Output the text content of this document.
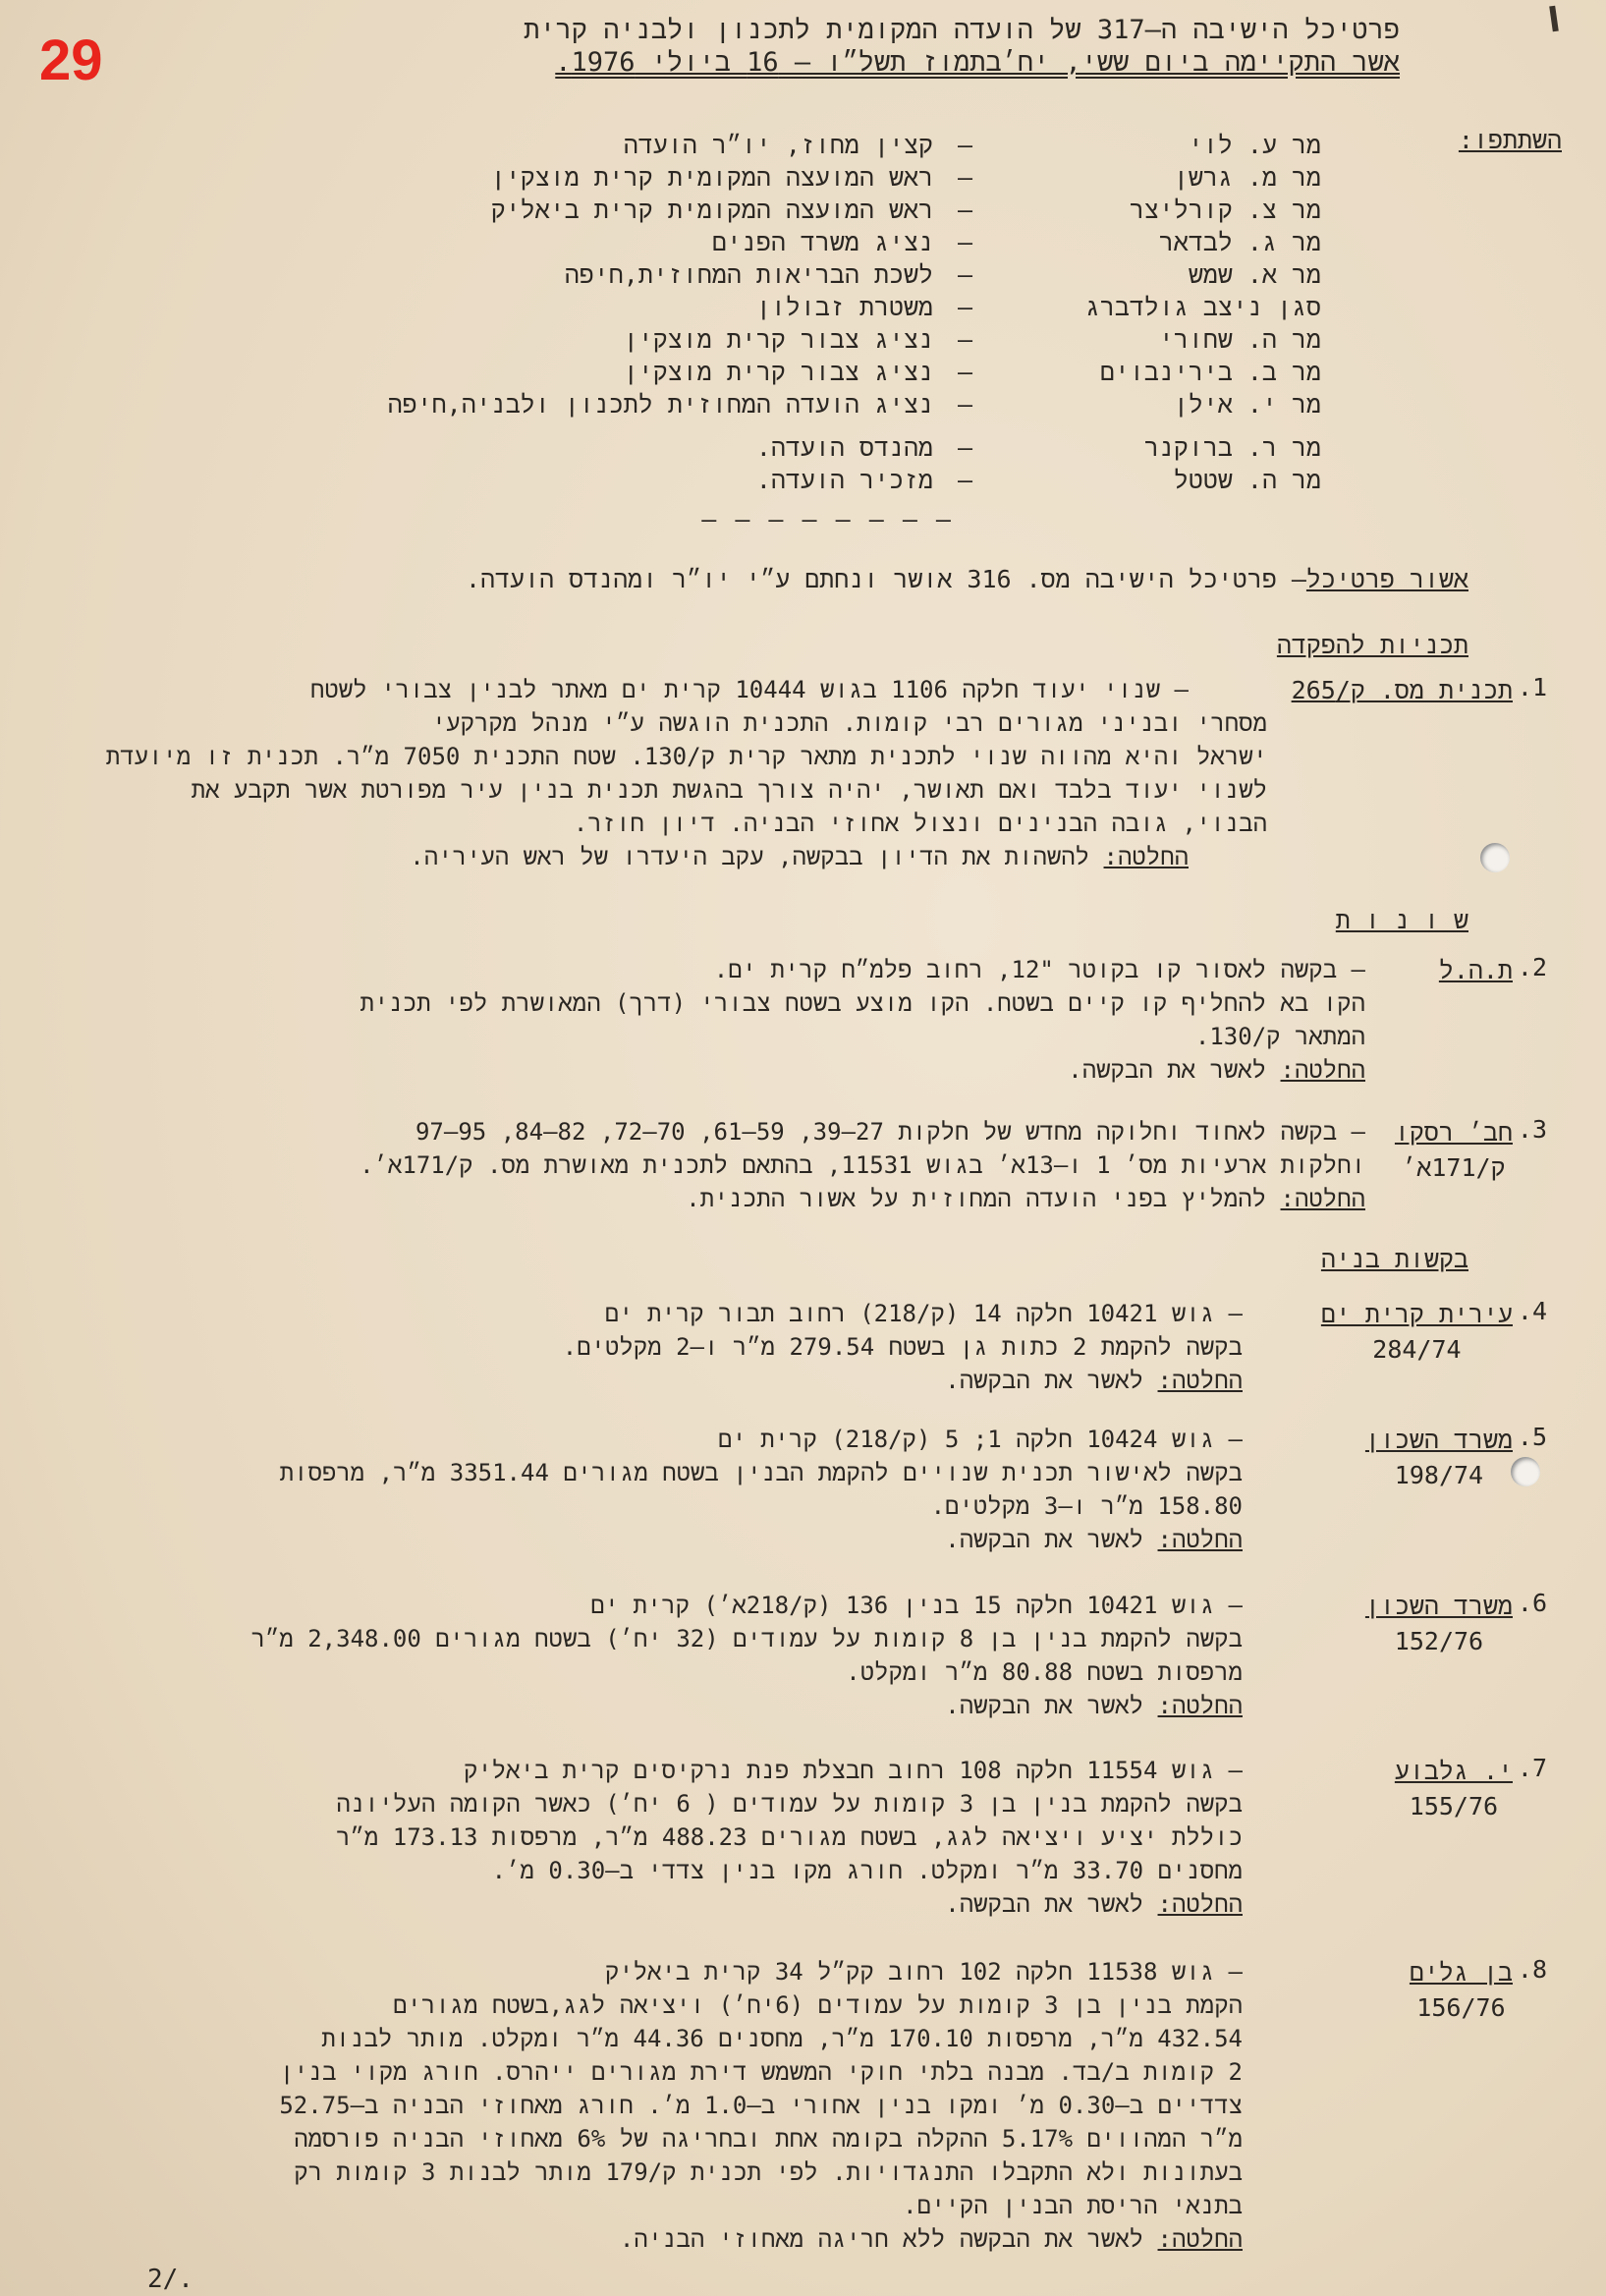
29	פרטיכל הישיבה ה–317 של הועדה המקומית לתכנון ולבניה קרית
אשר התקיימה ביום ששי, יח׳בתמוז תשל״ו – 16 ביולי 1976.
השתתפו:
מר ע. לוי
–
קצין מחוז, יו״ר הועדה
מר מ. גרשן
–
ראש המועצה המקומית קרית מוצקין
מר צ. קורליצר
–
ראש המועצה המקומית קרית ביאליק
מר ג. לבדאר
–
נציג משרד הפנים
מר א. שמש
–
לשכת הבריאות המחוזית,חיפה
סגן ניצב גולדברג
–
משטרת זבולון
מר ה. שחורי
–
נציג צבור קרית מוצקין
מר ב. בירינבוים
–
נציג צבור קרית מוצקין
מר י. אילן
–
נציג הועדה המחוזית לתכנון ולבניה,חיפה
מר ר. ברוקנר
–
מהנדס הועדה.
מר ה. שטטל
–
מזכיר הועדה.
– – – – – – – –
אשור פרטיכל– פרטיכל הישיבה מס. 316 אושר ונחתם ע״י יו״ר ומהנדס הועדה.
תכניות להפקדה
ש ו נ ו ת
בקשות בניה
1.
תכנית מס. ק/265
– שנוי יעוד חלקה 1106 בגוש 10444 קרית ים מאתר לבנין צבורי לשטח
מסחרי ובניני מגורים רבי קומות. התכנית הוגשה ע״י מנהל מקרקעי
ישראל והיא מהווה שנוי לתכנית מתאר קרית ק/130. שטח התכנית 7050 מ״ר. תכנית זו מיועדת
לשנוי יעוד בלבד ואם תאושר, יהיה צורך בהגשת תכנית בנין עיר מפורטת אשר תקבע את
הבנוי, גובה הבנינים ונצול אחוזי הבניה. דיון חוזר.
החלטה: להשהות את הדיון בבקשה, עקב היעדרו של ראש העיריה.
2.
ת.ה.ל
– בקשה לאסור קו בקוטר "12, רחוב פלמ״ח קרית ים.
הקו בא להחליף קו קיים בשטח. הקו מוצע בשטח צבורי (דרך) המאושרת לפי תכנית
המתאר ק/130.
החלטה: לאשר את הבקשה.
3.
חב׳ רסקו
ק/171א׳
– בקשה לאחוד וחלוקה מחדש של חלקות 27–39, 59–61, 70–72, 82–84, 95–97
וחלקות ארעיות מס׳ 1 ו–13א׳ בגוש 11531, בהתאם לתכנית מאושרת מס. ק/171א׳.
החלטה: להמליץ בפני הועדה המחוזית על אשור התכנית.
4.
עירית קרית ים
284/74
– גוש 10421 חלקה 14 (ק/218) רחוב תבור קרית ים
בקשה להקמת 2 כתות גן בשטח 279.54 מ״ר ו–2 מקלטים.
החלטה: לאשר את הבקשה.
5.
משרד השכון
198/74
– גוש 10424 חלקה 1; 5 (ק/218) קרית ים
בקשה לאישור תכנית שנויים להקמת הבנין בשטח מגורים 3351.44 מ״ר, מרפסות
158.80 מ״ר ו–3 מקלטים.
החלטה: לאשר את הבקשה.
6.
משרד השכון
152/76
– גוש 10421 חלקה 15 בנין 136 (ק/218א׳) קרית ים
בקשה להקמת בנין בן 8 קומות על עמודים (32 יח׳) בשטח מגורים 2,348.00 מ״ר
מרפסות בשטח 80.88 מ״ר ומקלט.
החלטה: לאשר את הבקשה.
7.
י. גלבוע
155/76
– גוש 11554 חלקה 108 רחוב חבצלת פנת נרקיסים קרית ביאליק
בקשה להקמת בנין בן 3 קומות על עמודים ( 6 יח׳) כאשר הקומה העליונה
כוללת יציע ויציאה לגג, בשטח מגורים 488.23 מ״ר, מרפסות 173.13 מ״ר
מחסנים 33.70 מ״ר ומקלט. חורג מקו בנין צדדי ב–0.30 מ׳.
החלטה: לאשר את הבקשה.
8.
בן גלים
156/76
– גוש 11538 חלקה 102 רחוב קק״ל 34 קרית ביאליק
הקמת בנין בן 3 קומות על עמודים (6יח׳) ויציאה לגג,בשטח מגורים
432.54 מ״ר, מרפסות 170.10 מ״ר, מחסנים 44.36 מ״ר ומקלט. מותר לבנות
2 קומות ב/בד. מבנה בלתי חוקי המשמש דירת מגורים ייהרס. חורג מקוי בנין
צדדיים ב–0.30 מ׳ ומקו בנין אחורי ב–1.0 מ׳. חורג מאחוזי הבניה ב–52.75
מ״ר המהווים 5.17% ההקלה בקומה אחת ובחריגה של 6% מאחוזי הבניה פורסמה
בעתונות ולא התקבלו התנגדויות. לפי תכנית ק/179 מותר לבנות 3 קומות רק
בתנאי הריסת הבנין הקיים.
החלטה: לאשר את הבקשה ללא חריגה מאחוזי הבניה.
2/.
